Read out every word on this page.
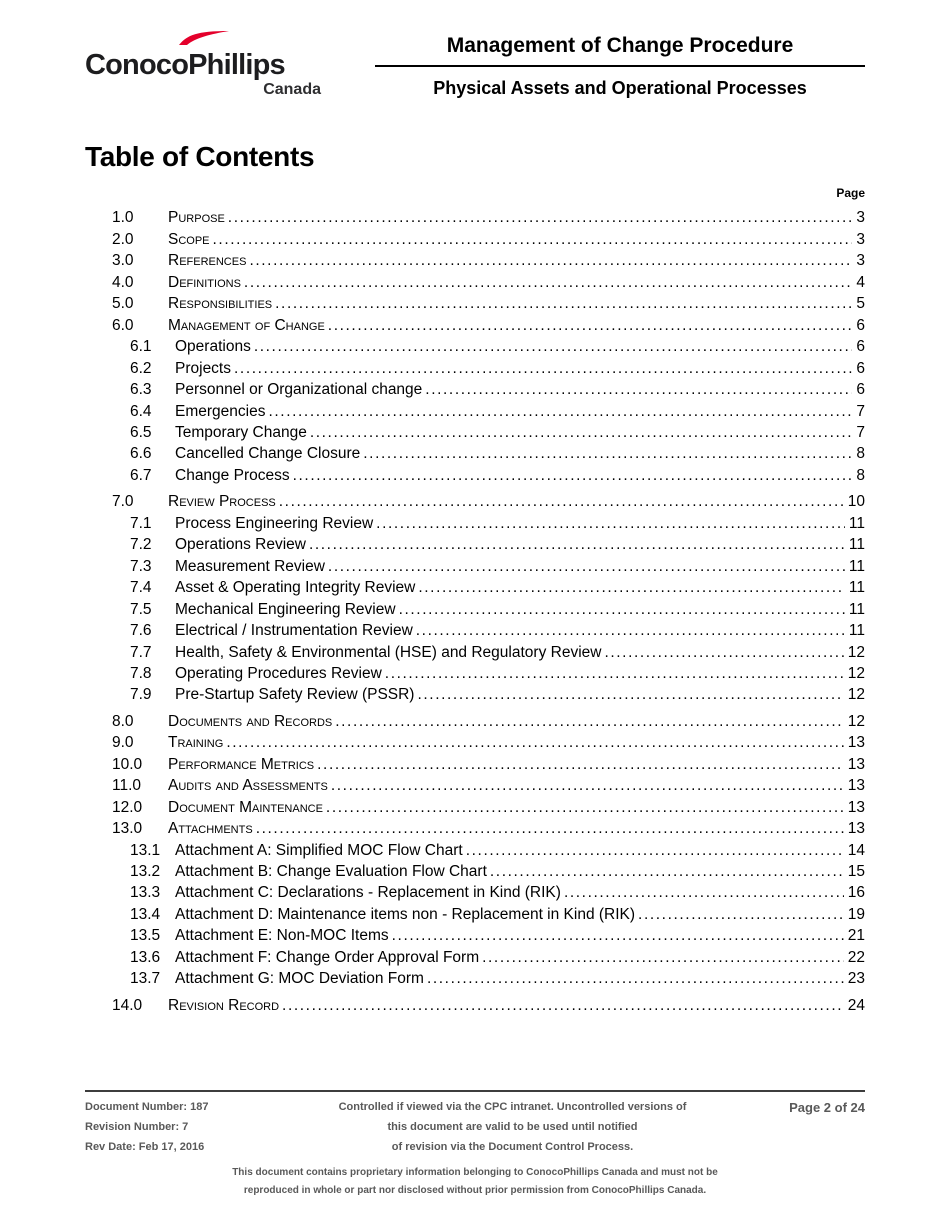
ConocoPhillips
Canada
Management of Change Procedure
Physical Assets and Operational Processes
Table of Contents
Page
1.0	Purpose .....	3
2.0	Scope .....	3
3.0	References .....	3
4.0	Definitions .....	4
5.0	Responsibilities .....	5
6.0	Management of Change .....	6
6.1	Operations .....	6
6.2	Projects .....	6
6.3	Personnel or Organizational change .....	6
6.4	Emergencies .....	7
6.5	Temporary Change .....	7
6.6	Cancelled Change Closure .....	8
6.7	Change Process .....	8
7.0	Review Process .....	10
7.1	Process Engineering Review .....	11
7.2	Operations Review .....	11
7.3	Measurement Review .....	11
7.4	Asset & Operating Integrity Review .....	11
7.5	Mechanical Engineering Review .....	11
7.6	Electrical / Instrumentation Review .....	11
7.7	Health, Safety & Environmental (HSE) and Regulatory Review .....	12
7.8	Operating Procedures Review .....	12
7.9	Pre-Startup Safety Review (PSSR) .....	12
8.0	Documents and Records .....	12
9.0	Training .....	13
10.0	Performance Metrics .....	13
11.0	Audits and Assessments .....	13
12.0	Document Maintenance .....	13
13.0	Attachments .....	13
13.1 Attachment A: Simplified MOC Flow Chart .....	14
13.2 Attachment B: Change Evaluation Flow Chart .....	15
13.3 Attachment C: Declarations - Replacement in Kind (RIK) .....	16
13.4 Attachment D: Maintenance items non - Replacement in Kind (RIK) .....	19
13.5 Attachment E: Non-MOC Items .....	21
13.6 Attachment F: Change Order Approval Form .....	22
13.7 Attachment G: MOC Deviation Form .....	23
14.0	Revision Record .....	24
Document Number: 187
Revision Number: 7
Rev Date: Feb 17, 2016
Controlled if viewed via the CPC intranet. Uncontrolled versions of
this document are valid to be used until notified
of revision via the Document Control Process.
Page 2 of 24
This document contains proprietary information belonging to ConocoPhillips Canada and must not be
reproduced in whole or part nor disclosed without prior permission from ConocoPhillips Canada.
